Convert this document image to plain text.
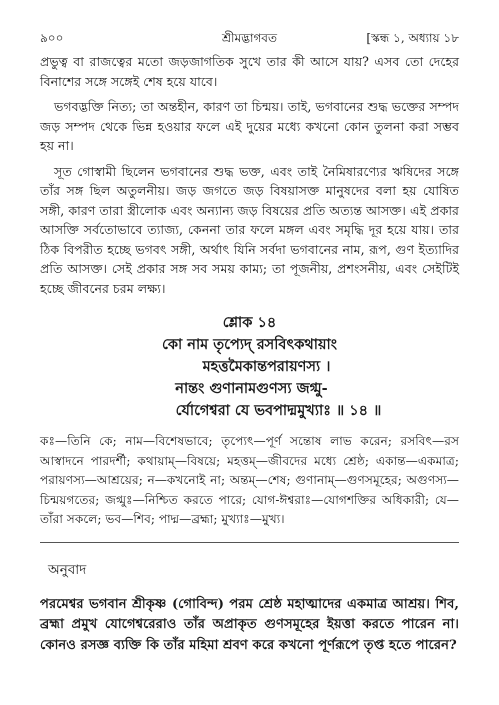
৯০০	শ্রীমদ্ভাগবত	[স্কন্ধ ১, অধ্যায় ১৮

প্রভুত্ব বা রাজত্বের মতো জড়জাগতিক সুখে তার কী আসে যায়? এসব তো দেহের বিনাশের সঙ্গে সঙ্গেই শেষ হয়ে যাবে।

ভগবদ্ভক্তি নিত্য; তা অন্তহীন, কারণ তা চিন্ময়। তাই, ভগবানের শুদ্ধ ভক্তের সম্পদ জড় সম্পদ থেকে ভিন্ন হওয়ার ফলে এই দুয়ের মধ্যে কখনো কোন তুলনা করা সম্ভব হয় না।

সূত গোস্বামী ছিলেন ভগবানের শুদ্ধ ভক্ত, এবং তাই নৈমিষারণ্যের ঋষিদের সঙ্গে তাঁর সঙ্গ ছিল অতুলনীয়। জড় জগতে জড় বিষয়াসক্ত মানুষদের বলা হয় যোষিত সঙ্গী, কারণ তারা স্ত্রীলোক এবং অন্যান্য জড় বিষয়ের প্রতি অত্যন্ত আসক্ত। এই প্রকার আসক্তি সর্বতোভাবে ত্যাজ্য, কেননা তার ফলে মঙ্গল এবং সমৃদ্ধি দূর হয়ে যায়। তার ঠিক বিপরীত হচ্ছে ভগবৎ সঙ্গী, অর্থাৎ যিনি সর্বদা ভগবানের নাম, রূপ, গুণ ইত্যাদির প্রতি আসক্ত। সেই প্রকার সঙ্গ সব সময় কাম্য; তা পূজনীয়, প্রশংসনীয়, এবং সেইটিই হচ্ছে জীবনের চরম লক্ষ্য।

শ্লোক ১৪
কো নাম তৃপ্যেদ্ রসবিৎকথায়াং
মহত্তমৈকান্তপরায়ণস্য ।
নান্তং গুণানামগুণস্য জগ্মু-
র্যোগেশ্বরা যে ভবপাদ্মমুখ্যাঃ ॥ ১৪ ॥

কঃ—তিনি কে; নাম—বিশেষভাবে; তৃপ্যেৎ—পূর্ণ সন্তোষ লাভ করেন; রসবিৎ—রস আস্বাদনে পারদর্শী; কথায়াম্—বিষয়ে; মহত্তম্—জীবদের মধ্যে শ্রেষ্ঠ; একান্ত—একমাত্র; পরায়ণস্য—আশ্রয়ের; ন—কখনোই না; অন্তম্—শেষ; গুণানাম্—গুণসমূহের; অগুণস্য—চিন্ময়গতের; জগ্মুঃ—নিশ্চিত করতে পারে; যোগ-ঈশ্বরাঃ—যোগশক্তির অধিকারী; যে—তাঁরা সকলে; ভব—শিব; পাদ্ম—ব্রহ্মা; মুখ্যাঃ—মুখ্য।

অনুবাদ

পরমেশ্বর ভগবান শ্রীকৃষ্ণ (গোবিন্দ) পরম শ্রেষ্ঠ মহাত্মাদের একমাত্র আশ্রয়। শিব, ব্রহ্মা প্রমুখ যোগেশ্বরেরাও তাঁর অপ্রাকৃত গুণসমূহের ইয়ত্তা করতে পারেন না। কোনও রসজ্ঞ ব্যক্তি কি তাঁর মহিমা শ্রবণ করে কখনো পূর্ণরূপে তৃপ্ত হতে পারেন?
